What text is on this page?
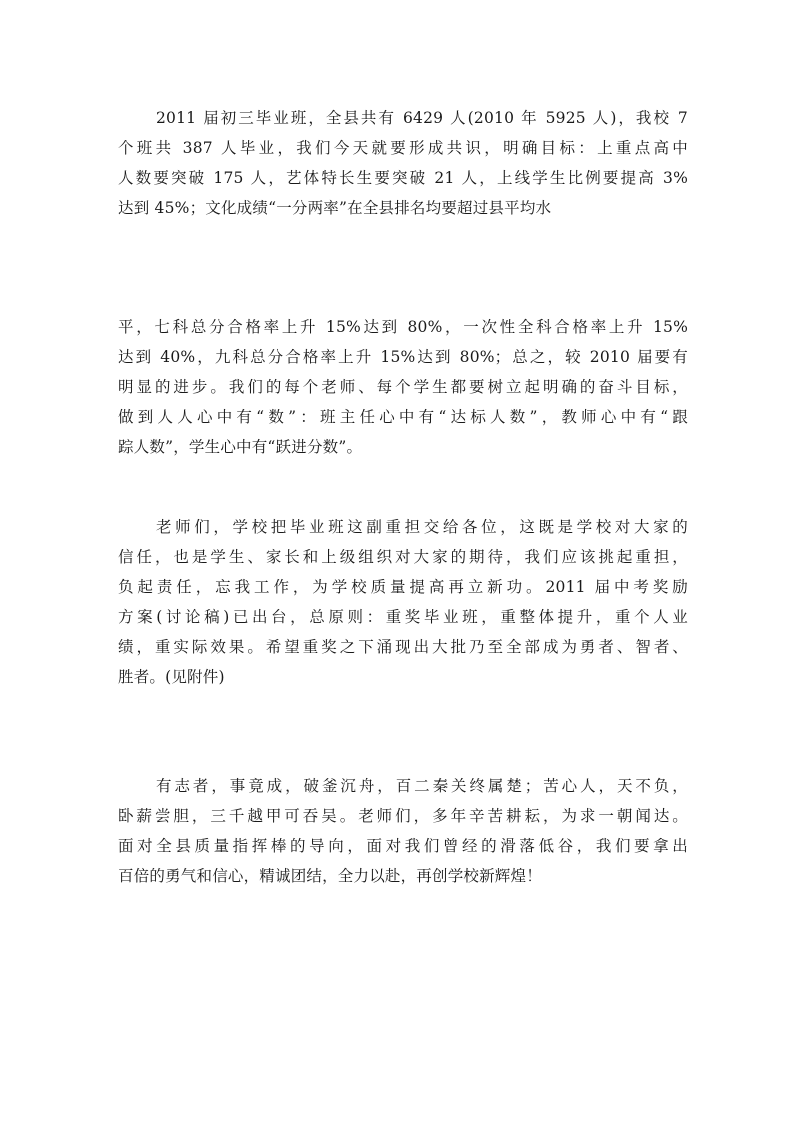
2011 届初三毕业班，全县共有 6429 人(2010 年 5925 人)，我校 7
个班共 387 人毕业，我们今天就要形成共识，明确目标：上重点高中
人数要突破 175 人，艺体特长生要突破 21 人，上线学生比例要提高 3%
达到 45%；文化成绩“一分两率”在全县排名均要超过县平均水

平，七科总分合格率上升 15%达到 80%，一次性全科合格率上升 15%
达到 40%，九科总分合格率上升 15%达到 80%；总之，较 2010 届要有
明显的进步。我们的每个老师、每个学生都要树立起明确的奋斗目标，
做到人人心中有“数”：班主任心中有“达标人数”，教师心中有“跟
踪人数”，学生心中有“跃进分数”。

老师们，学校把毕业班这副重担交给各位，这既是学校对大家的
信任，也是学生、家长和上级组织对大家的期待，我们应该挑起重担，
负起责任，忘我工作，为学校质量提高再立新功。2011 届中考奖励
方案(讨论稿)已出台，总原则：重奖毕业班，重整体提升，重个人业
绩，重实际效果。希望重奖之下涌现出大批乃至全部成为勇者、智者、
胜者。(见附件)

有志者，事竟成，破釜沉舟，百二秦关终属楚；苦心人，天不负，
卧薪尝胆，三千越甲可吞吴。老师们，多年辛苦耕耘，为求一朝闻达。
面对全县质量指挥棒的导向，面对我们曾经的滑落低谷，我们要拿出
百倍的勇气和信心，精诚团结，全力以赴，再创学校新辉煌！
